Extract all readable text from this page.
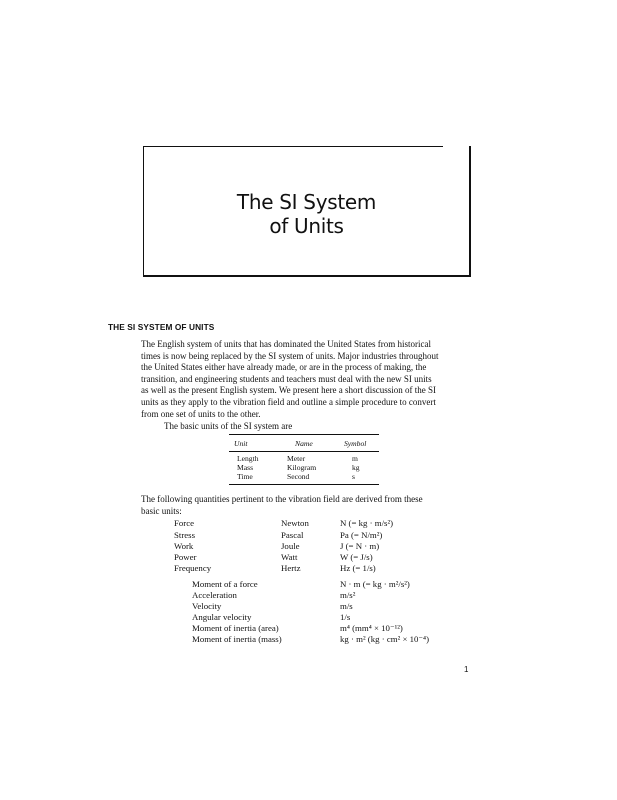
The SI System
of Units
THE SI SYSTEM OF UNITS
The English system of units that has dominated the United States from historical
times is now being replaced by the SI system of units. Major industries throughout
the United States either have already made, or are in the process of making, the
transition, and engineering students and teachers must deal with the new SI units
as well as the present English system. We present here a short discussion of the SI
units as they apply to the vibration field and outline a simple procedure to convert
from one set of units to the other.
The basic units of the SI system are
Unit	Name	Symbol
Length	Meter	m
Mass	Kilogram	kg
Time	Second	s
The following quantities pertinent to the vibration field are derived from these
basic units:
Force	Newton	N (= kg · m/s²)
Stress	Pascal	Pa (= N/m²)
Work	Joule	J (= N · m)
Power	Watt	W (= J/s)
Frequency	Hertz	Hz (= 1/s)
Moment of a force	N · m (= kg · m²/s²)
Acceleration	m/s²
Velocity	m/s
Angular velocity	1/s
Moment of inertia (area)	m⁴ (mm⁴ × 10⁻¹²)
Moment of inertia (mass)	kg · m² (kg · cm² × 10⁻⁴)
1
